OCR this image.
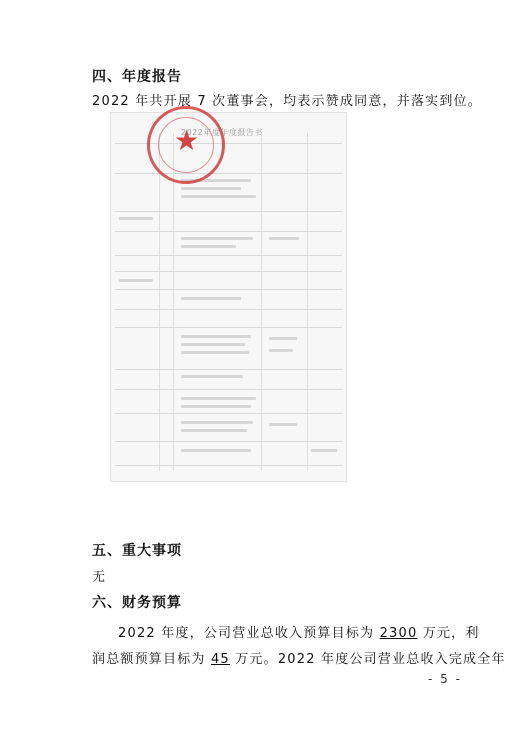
四、年度报告
2022 年共开展 7 次董事会，均表示赞成同意，并落实到位。
2022年度年度报告书
★
五、重大事项
无
六、财务预算
2022 年度，公司营业总收入预算目标为 2300 万元，利
润总额预算目标为 45 万元。2022 年度公司营业总收入完成全年
- 5 -
